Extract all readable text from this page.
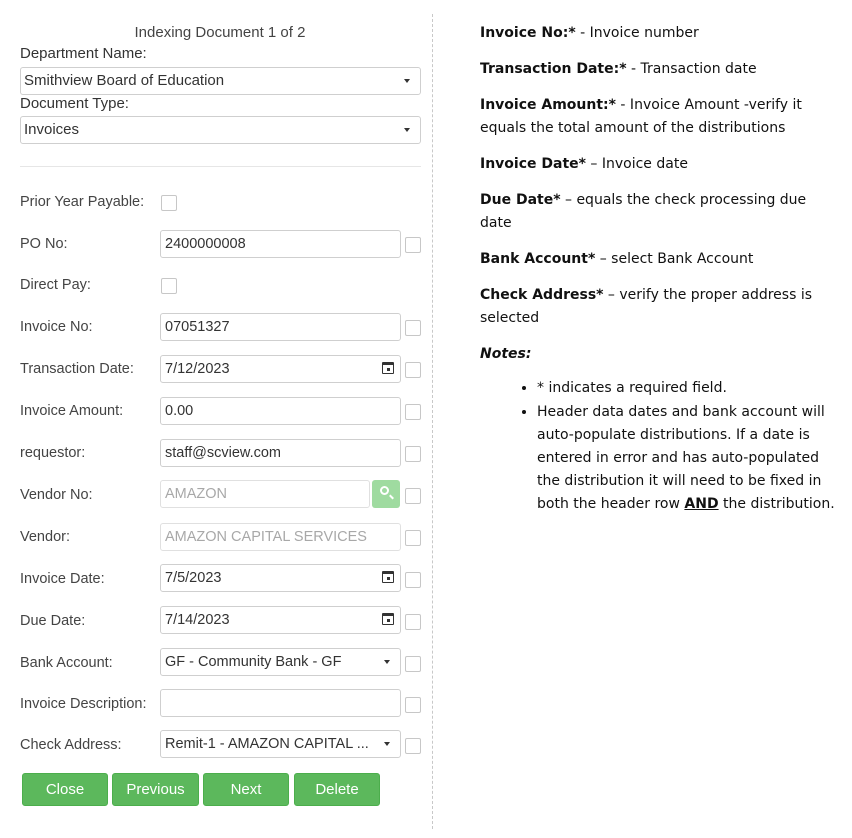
Indexing Document 1 of 2
Department Name:
Smithview Board of Education
Document Type:
Invoices
Prior Year Payable:
PO No:	2400000008
Direct Pay:
Invoice No:	07051327
Transaction Date:	7/12/2023
Invoice Amount:	0.00
requestor:	staff@scview.com
Vendor No:	AMAZON
Vendor:	AMAZON CAPITAL SERVICES
Invoice Date:	7/5/2023
Due Date:	7/14/2023
Bank Account:	GF - Community Bank - GF
Invoice Description:
Check Address:	Remit-1 - AMAZON CAPITAL ...
Close	Previous	Next	Delete

Invoice No:* - Invoice number

Transaction Date:* - Transaction date

Invoice Amount:* - Invoice Amount -verify it equals the total amount of the distributions

Invoice Date* – Invoice date

Due Date* – equals the check processing due date

Bank Account* – select Bank Account

Check Address* – verify the proper address is selected

Notes:
• * indicates a required field.
• Header data dates and bank account will auto-populate distributions. If a date is entered in error and has auto-populated the distribution it will need to be fixed in both the header row AND the distribution.
